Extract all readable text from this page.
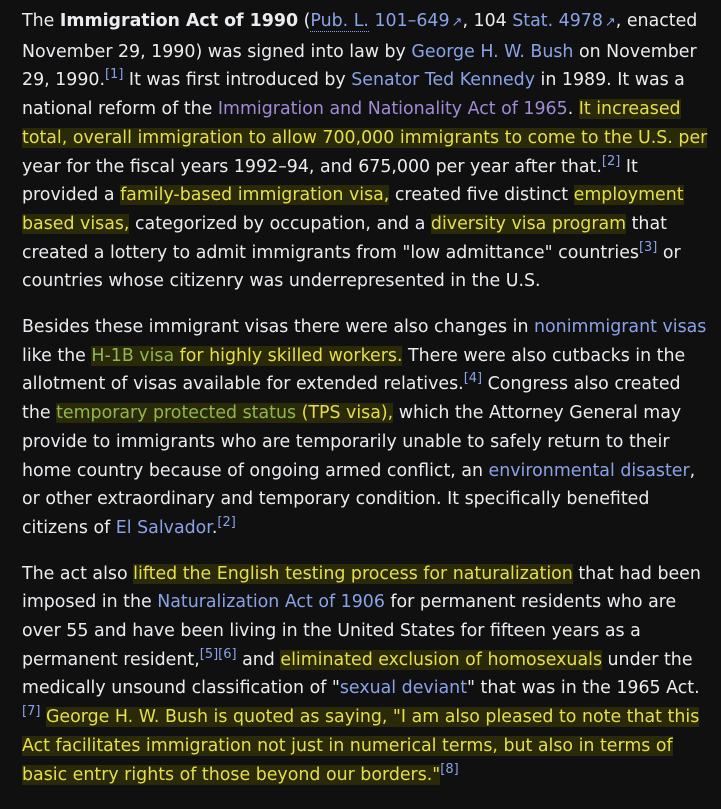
The Immigration Act of 1990 (Pub. L. 101–649 ↗, 104 Stat. 4978 ↗, enacted November 29, 1990) was signed into law by George H. W. Bush on November 29, 1990.[1] It was first introduced by Senator Ted Kennedy in 1989. It was a national reform of the Immigration and Nationality Act of 1965. It increased total, overall immigration to allow 700,000 immigrants to come to the U.S. per year for the fiscal years 1992–94, and 675,000 per year after that.[2] It provided a family-based immigration visa, created five distinct employment based visas, categorized by occupation, and a diversity visa program that created a lottery to admit immigrants from "low admittance" countries[3] or countries whose citizenry was underrepresented in the U.S.

Besides these immigrant visas there were also changes in nonimmigrant visas like the H-1B visa for highly skilled workers. There were also cutbacks in the allotment of visas available for extended relatives.[4] Congress also created the temporary protected status (TPS visa), which the Attorney General may provide to immigrants who are temporarily unable to safely return to their home country because of ongoing armed conflict, an environmental disaster, or other extraordinary and temporary condition. It specifically benefited citizens of El Salvador.[2]

The act also lifted the English testing process for naturalization that had been imposed in the Naturalization Act of 1906 for permanent residents who are over 55 and have been living in the United States for fifteen years as a permanent resident,[5][6] and eliminated exclusion of homosexuals under the medically unsound classification of "sexual deviant" that was in the 1965 Act.[7] George H. W. Bush is quoted as saying, "I am also pleased to note that this Act facilitates immigration not just in numerical terms, but also in terms of basic entry rights of those beyond our borders."[8]
